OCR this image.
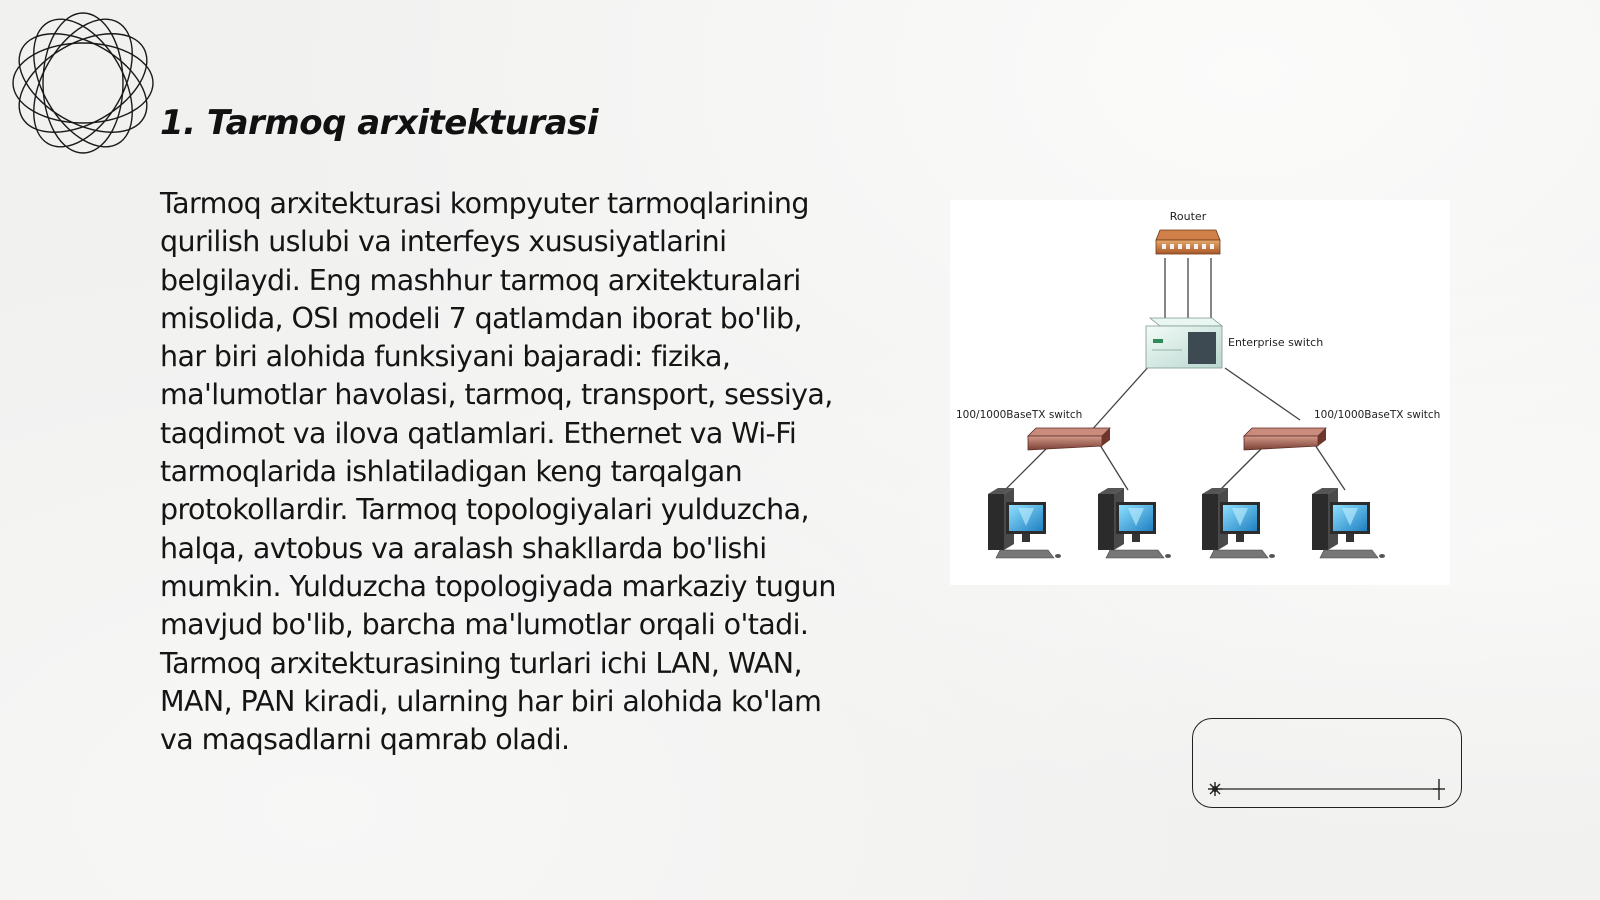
1. Tarmoq arxitekturasi
Tarmoq arxitekturasi kompyuter tarmoqlarining qurilish uslubi va interfeys xususiyatlarini belgilaydi. Eng mashhur tarmoq arxitekturalari misolida, OSI modeli 7 qatlamdan iborat bo'lib, har biri alohida funksiyani bajaradi: fizika, ma'lumotlar havolasi, tarmoq, transport, sessiya, taqdimot va ilova qatlamlari. Ethernet va Wi-Fi tarmoqlarida ishlatiladigan keng tarqalgan protokollardir. Tarmoq topologiyalari yulduzcha, halqa, avtobus va aralash shakllarda bo'lishi mumkin. Yulduzcha topologiyada markaziy tugun mavjud bo'lib, barcha ma'lumotlar orqali o'tadi. Tarmoq arxitekturasining turlari ichi LAN, WAN, MAN, PAN kiradi, ularning har biri alohida ko'lam va maqsadlarni qamrab oladi.
Router
Enterprise switch
100/1000BaseTX switch	100/1000BaseTX switch
